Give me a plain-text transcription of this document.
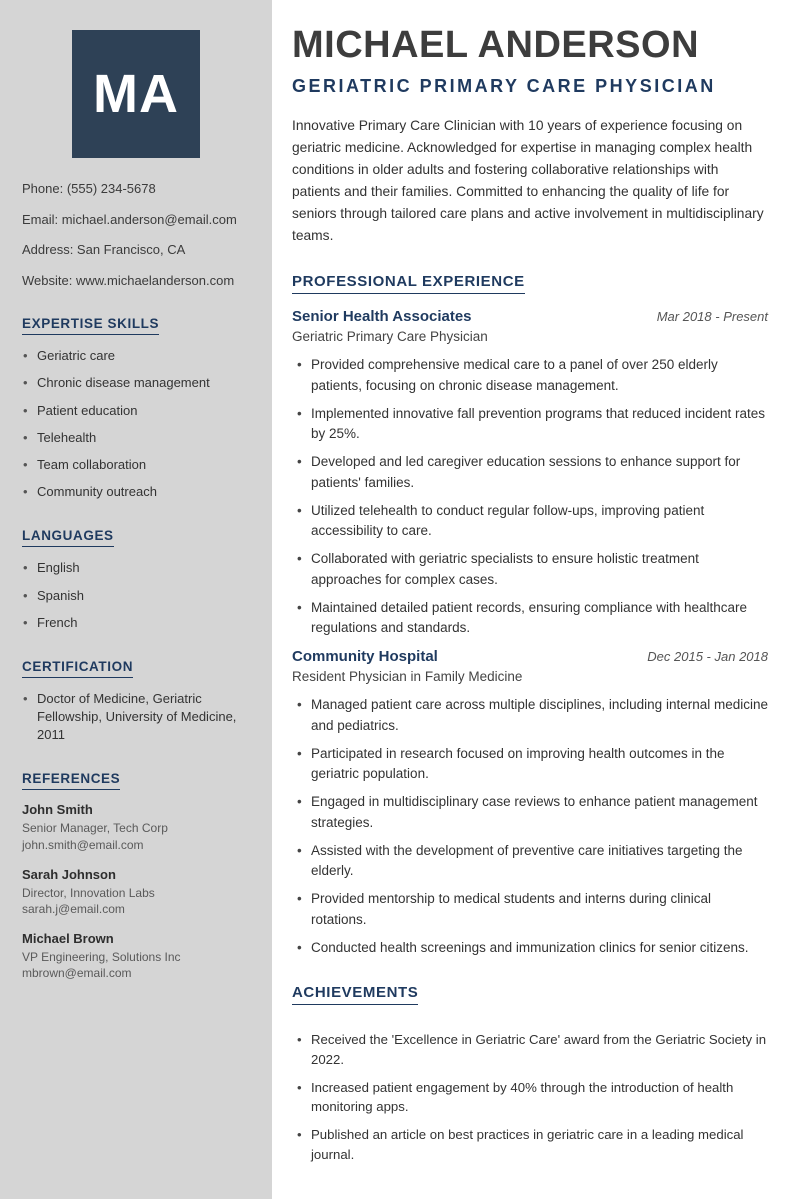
MA
Phone: (555) 234-5678
Email: michael.anderson@email.com
Address: San Francisco, CA
Website: www.michaelanderson.com
EXPERTISE SKILLS
• Geriatric care
• Chronic disease management
• Patient education
• Telehealth
• Team collaboration
• Community outreach
LANGUAGES
• English
• Spanish
• French
CERTIFICATION
• Doctor of Medicine, Geriatric Fellowship, University of Medicine, 2011
REFERENCES
John Smith
Senior Manager, Tech Corp
john.smith@email.com
Sarah Johnson
Director, Innovation Labs
sarah.j@email.com
Michael Brown
VP Engineering, Solutions Inc
mbrown@email.com
MICHAEL ANDERSON
GERIATRIC PRIMARY CARE PHYSICIAN

Innovative Primary Care Clinician with 10 years of experience focusing on geriatric medicine. Acknowledged for expertise in managing complex health conditions in older adults and fostering collaborative relationships with patients and their families. Committed to enhancing the quality of life for seniors through tailored care plans and active involvement in multidisciplinary teams.

PROFESSIONAL EXPERIENCE
Senior Health Associates	Mar 2018 - Present
Geriatric Primary Care Physician
• Provided comprehensive medical care to a panel of over 250 elderly patients, focusing on chronic disease management.
• Implemented innovative fall prevention programs that reduced incident rates by 25%.
• Developed and led caregiver education sessions to enhance support for patients' families.
• Utilized telehealth to conduct regular follow-ups, improving patient accessibility to care.
• Collaborated with geriatric specialists to ensure holistic treatment approaches for complex cases.
• Maintained detailed patient records, ensuring compliance with healthcare regulations and standards.
Community Hospital	Dec 2015 - Jan 2018
Resident Physician in Family Medicine
• Managed patient care across multiple disciplines, including internal medicine and pediatrics.
• Participated in research focused on improving health outcomes in the geriatric population.
• Engaged in multidisciplinary case reviews to enhance patient management strategies.
• Assisted with the development of preventive care initiatives targeting the elderly.
• Provided mentorship to medical students and interns during clinical rotations.
• Conducted health screenings and immunization clinics for senior citizens.
ACHIEVEMENTS
• Received the 'Excellence in Geriatric Care' award from the Geriatric Society in 2022.
• Increased patient engagement by 40% through the introduction of health monitoring apps.
• Published an article on best practices in geriatric care in a leading medical journal.
